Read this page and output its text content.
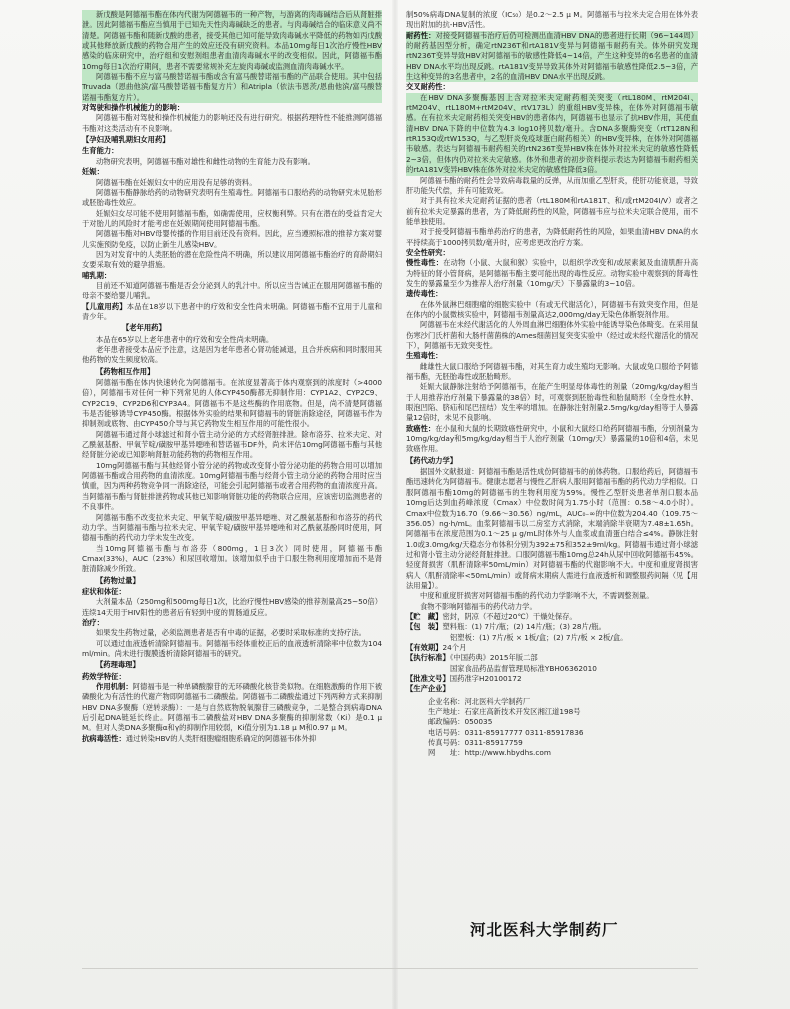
新戊酸是阿德福韦酯在体内代谢为阿德福韦的一种产物，与游离的肉毒碱结合后从肾脏排泄。因此阿德福韦酯应当慎用于已知先天性肉毒碱缺乏的患者。与肉毒碱结合的临床意义尚不清楚。阿德福韦酯和随新戊酸的患者，接受其他已知可能导致肉毒碱水平降低的药物如丙戊酸或其他释放新戊酸的药物合用产生的效应还没有研究资料。本品10mg每日1次治疗慢性HBV感染的临床研究中，治疗组和安慰剂组患者血清肉毒碱水平的改变相似。因此，阿德福韦酯10mg每日1次治疗期间，患者不需要常规补充左旋肉毒碱或监测血清肉毒碱水平。

阿德福韦酯不应与富马酸替诺福韦酯或含有富马酸替诺福韦酯的产品联合使用。其中包括Truvada（恩曲他滨/富马酸替诺福韦酯复方片）和Atripla（依法韦恩茨/恩曲他滨/富马酸替诺福韦酯复方片）。

对驾驶和操作机械能力的影响：

阿德福韦酯对驾驶和操作机械能力的影响还没有进行研究。根据药理特性不能推测阿德福韦酯对这类活动有不良影响。

【孕妇及哺乳期妇女用药】
生育能力：

动物研究表明，阿德福韦酯对雄性和雌性动物的生育能力没有影响。

妊娠：

阿德福韦酯在妊娠妇女中的应用没有足够的资料。

阿德福韦酯静脉给药的动物研究表明有生殖毒性。阿德福韦口服给药的动物研究未见胎形或胚胎毒性效应。

妊娠妇女尽可能不使用阿德福韦酯，如确需使用，应权衡利弊。只有在潜在的受益肯定大于对胎儿的风险时才能考虑在妊娠期间使用阿德福韦酯。

阿德福韦酯对HBV母婴传播的作用目前还没有资料。因此，应当遵照标准的推荐方案对婴儿实施预防免疫，以防止新生儿感染HBV。

因为对发育中的人类胚胎的潜在危险性尚不明确，所以建议用阿德福韦酯治疗的育龄期妇女要采取有效的避孕措施。

哺乳期：

目前还不知道阿德福韦酯是否会分泌到人的乳汁中。所以应当告诫正在服用阿德福韦酯的母亲不要给婴儿哺乳。

【儿童用药】本品在18岁以下患者中的疗效和安全性尚未明确。阿德福韦酯不宜用于儿童和青少年。
【老年用药】

本品在65岁以上老年患者中的疗效和安全性尚未明确。

老年患者接受本品应予注意，这是因为老年患者心肾功能减退，且合并疾病和同时服用其他药物的发生频度较高。

【药物相互作用】

阿德福韦酯在体内快速转化为阿德福韦。在浓度显著高于体内观察到的浓度时（>4000倍），阿德福韦对任何一种下列常见的人体CYP450酶都无抑制作用：CYP1A2、CYP2C9、CYP2C19、CYP2D6和CYP3A4。阿德福韦不是这些酶的作用底物。但是，尚不清楚阿德福韦是否能够诱导CYP450酶。根据体外实验的结果和阿德福韦的肾脏消除途径，阿德福韦作为抑制剂或底物、由CYP450介导与其它药物发生相互作用的可能性很小。

阿德福韦通过肾小球滤过和肾小管主动分泌的方式经肾脏排泄。除布洛芬、拉米夫定、对乙酰氨基酚、甲氧苄啶/磺胺甲基异噁唑和替诺福韦DF外，尚未评估10mg阿德福韦酯与其他经肾脏分泌或已知影响肾脏功能药物的药物相互作用。

10mg阿德福韦酯与其他经肾小管分泌的药物或改变肾小管分泌功能的药物合用可以增加阿德福韦酯或合用药物的血清浓度。10mg阿德福韦酯与经肾小管主动分泌的药物合用时应当慎重，因为两种药物竞争同一消除途径，可能会引起阿德福韦或者合用药物的血清浓度升高。当阿德福韦酯与肾脏排泄药物或其他已知影响肾脏功能的药物联合应用，应该密切监测患者的不良事件。

阿德福韦酯不改变拉米夫定、甲氧苄啶/磺胺甲基异噁唑、对乙酰氨基酚和布洛芬的药代动力学。当阿德福韦酯与拉米夫定、甲氧苄啶/磺胺甲基异噁唑和对乙酰氨基酚同时使用，阿德福韦酯的药代动力学未发生改变。

当10mg阿德福韦酯与布洛芬（800mg，1日3次）同时使用，阿德福韦酯Cmax(33%)、AUC（23%）和尿回收增加。该增加似乎由于口服生物利用度增加而不是肾脏清除减少所致。

【药物过量】
症状和体征：

大剂量本品（250mg和500mg每日1次，比治疗慢性HBV感染的推荐剂量高25~50倍）连续14天用于HIV阳性的患者后有轻到中度的胃肠道反应。

治疗：

如果发生药物过量，必须监测患者是否有中毒的证据，必要时采取标准的支持疗法。

可以通过血液透析清除阿德福韦。阿德福韦经体重校正后的血液透析清除率中位数为104 ml/min。尚未进行腹膜透析清除阿德福韦的研究。

【药理毒理】
药效学特征：

作用机制：阿德福韦是一种单磷酸腺苷的无环磷酸化核苷类似物。在细胞激酶的作用下被磷酸化为有活性的代谢产物即阿德福韦二磷酸盐。阿德福韦二磷酸盐通过下列两种方式来抑制HBV DNA多聚酶（逆转录酶）：一是与自然底物脱氧腺苷三磷酸竞争，二是整合到病毒DNA后引起DNA链延长终止。阿德福韦二磷酸盐对HBV DNA多聚酶的抑制常数（Ki）是0.1 μ M。但对人类DNA多聚酶α和γ的抑制作用较弱，Ki值分别为1.18 μ M和0.97 μ M。

抗病毒活性：通过转染HBV的人类肝细胞瘤细胞系确定的阿德福韦体外抑
制50%病毒DNA复制的浓度（IC₅₀）是0.2～2.5 μ M。阿德福韦与拉米夫定合用在体外表现出附加的抗-HBV活性。
耐药性：对接受阿德福韦治疗后仍可检测出血清HBV DNA的患者进行长期（96~144周）的耐药基因型分析，确定rtN236T和rtA181V变异与阿德福韦耐药有关。体外研究发现rtN236T变异导致HBV对阿德福韦的敏感性降低4~14倍，产生这种变异的6名患者的血清HBV DNA水平均出现反跳。rtA181V变异导致其体外对阿德福韦敏感性降低2.5~3倍，产生这种变异的3名患者中，2名的血清HBV DNA水平出现反跳。
交叉耐药性：

在HBV DNA多聚酶基因上含对拉米夫定耐药相关突变（rtL180M、rtM204I、rtM204V、rtL180M+rtM204V、rtV173L）的重组HBV变异株，在体外对阿德福韦敏感。在有拉米夫定耐药相关突变HBV的患者体内，阿德福韦也显示了抗HBV作用，其使血清HBV DNA下降的中位数为4.3 log10拷贝数/毫升。含DNA多聚酶突变（rtT128N和rtR153Q或rtW153Q，与乙型肝炎免疫球蛋白耐药相关）的HBV变异株，在体外对阿德福韦敏感。表达与阿德福韦耐药相关的rtN236T变异HBV株在体外对拉米夫定的敏感性降低2~3倍，但体内仍对拉米夫定敏感。体外和患者的初步资料提示表达为阿德福韦耐药相关的rtA181V变异HBV株在体外对拉米夫定的敏感性降低3倍。

阿德福韦酯的耐药性会导致病毒载量的反弹，从而加重乙型肝炎，使肝功能衰退，导致肝功能失代偿，并有可能致死。

对于具有拉米夫定耐药证据的患者（rtL180M和rtA181T、和/或rtM204I/V）或者之前有拉米夫定暴露的患者，为了降低耐药性的风险，阿德福韦应与拉米夫定联合使用，而不能单独使用。

对于接受阿德福韦酯单药治疗的患者，为降低耐药性的风险，如果血清HBV DNA的水平持续高于1000拷贝数/毫升时，应考虑更改治疗方案。

安全性研究：
慢性毒性：在动物（小鼠、大鼠和猴）实验中，以组织学改变和/或尿素氮及血清肌酐升高为特征的肾小管肾病，是阿德福韦酯主要可能出现的毒性反应。动物实验中观察到的肾毒性发生的暴露量至少为推荐人治疗剂量（10mg/天）下暴露量的3~10倍。
遗传毒性：

在体外鼠淋巴细胞瘤的细胞实验中（有或无代谢活化），阿德福韦有致突变作用，但是在体内的小鼠微核实验中，阿德福韦剂量高达2,000mg/day无染色体断裂剂作用。

阿德福韦在未经代谢活化的人外周血淋巴细胞体外实验中能诱导染色体畸变。在采用鼠伤寒沙门氏杆菌和大肠杆菌菌株的Ames细菌回复突变实验中（经过或未经代谢活化的情况下），阿德福韦无致突变性。

生殖毒性：

雌雄性大鼠口服给予阿德福韦酯，对其生育力或生殖均无影响。大鼠或兔口服给予阿德福韦酯，无胚胎毒性或胚胎畸形。

妊娠大鼠静脉注射给予阿德福韦，在能产生明显母体毒性的剂量（20mg/kg/day相当于人用推荐治疗剂量下暴露量的38倍）时，可观察到胚胎毒性和胎鼠畸形（全身性水肿、眼泡凹陷、脐疝和尾巴扭结）发生率的增加。在静脉注射剂量2.5mg/kg/day相等于人暴露量12倍时，未见不良影响。

致癌性：在小鼠和大鼠的长期致癌性研究中，小鼠和大鼠经口给药阿德福韦酯，分别剂量为10mg/kg/day和5mg/kg/day相当于人治疗剂量（10mg/天）暴露量的10倍和4倍，未见致癌作用。
【药代动力学】

据国外文献报道：阿德福韦酯是活性成份阿德福韦的前体药物。口服给药后，阿德福韦酯迅速转化为阿德福韦。健康志愿者与慢性乙肝病人服用阿德福韦酯的药代动力学相似。口服阿德福韦酯10mg的阿德福韦的生物利用度为59%。慢性乙型肝炎患者单剂口服本品10mg后达到血药峰浓度（Cmax）中位数时间为1.75小时（范围：0.58～4.0小时）。Cmax中位数为16.70（9.66～30.56）ng/mL，AUC₀₋∞的中位数为204.40（109.75～356.05）ng·h/mL。血浆阿德福韦以二房室方式消除，末端消除半衰期为7.48±1.65h。阿德福韦在浓度范围为0.1～25 μ g/mL时体外与人血浆或血清蛋白结合≤4%。静脉注射1.0或3.0mg/kg/天稳态分布体积分别为392±75和352±9ml/kg。阿德福韦通过肾小球滤过和肾小管主动分泌经肾脏排泄。口服阿德福韦酯10mg总24h从尿中回收阿德福韦45%。轻度肾损害（肌酐清除率50mL/min）对阿德福韦酯的代谢影响不大。中度和重度肾损害病人（肌酐清除率<50mL/min）或肾病末期病人需进行血液透析和调整服药间隔（见【用法用量】）。

中度和重度肝损害对阿德福韦酯的药代动力学影响不大，不需调整剂量。

食物不影响阿德福韦的药代动力学。

【贮　藏】密封，阴凉（不超过20℃）干燥处保存。
【包　装】塑料瓶：(1) 7片/瓶；(2) 14片/瓶；(3) 28片/瓶。
铝塑板：(1) 7片/板 × 1板/盒；(2) 7片/板 × 2板/盒。
【有效期】24个月
【执行标准】《中国药典》2015年版二部
国家食品药品监督管理局标准YBH06362010
【批准文号】国药准字H20100172
【生产企业】
企业名称：河北医科大学制药厂
生产地址：石家庄高新技术开发区湘江道198号
邮政编码：050035
电话号码：0311-85917777 0311-85917836
传真号码：0311-85917759
网　　址：http://www.hbydhs.com
河北医科大学制药厂
